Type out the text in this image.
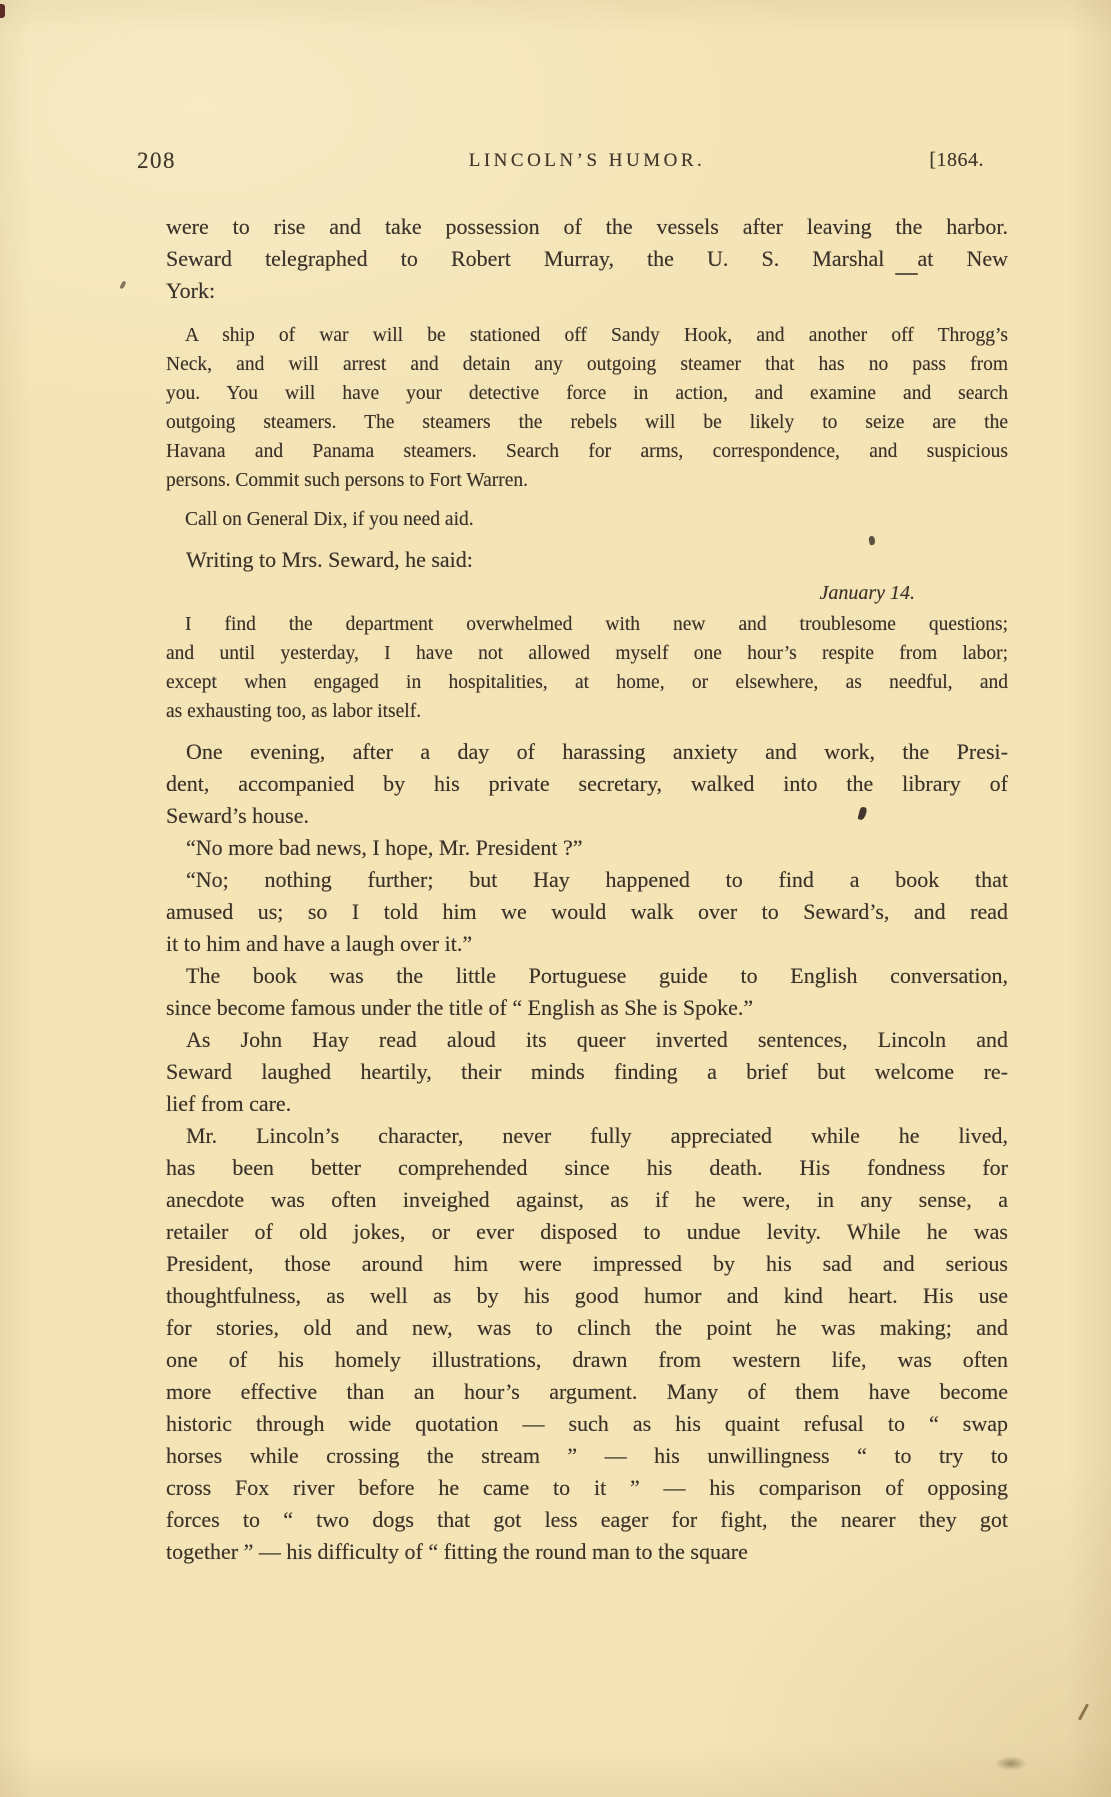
208	LINCOLN’S HUMOR.	[1864.
were to rise and take possession of the vessels after leaving the harbor.
Seward telegraphed to Robert Murray, the U. S. Marshal at New
York:
A ship of war will be stationed off Sandy Hook, and another off Throgg’s
Neck, and will arrest and detain any outgoing steamer that has no pass from
you. You will have your detective force in action, and examine and search
outgoing steamers. The steamers the rebels will be likely to seize are the
Havana and Panama steamers. Search for arms, correspondence, and suspicious
persons. Commit such persons to Fort Warren.
Call on General Dix, if you need aid.
Writing to Mrs. Seward, he said:
January 14.
I find the department overwhelmed with new and troublesome questions;
and until yesterday, I have not allowed myself one hour’s respite from labor;
except when engaged in hospitalities, at home, or elsewhere, as needful, and
as exhausting too, as labor itself.
One evening, after a day of harassing anxiety and work, the Presi-
dent, accompanied by his private secretary, walked into the library of
Seward’s house.
“No more bad news, I hope, Mr. President ?”
“No; nothing further; but Hay happened to find a book that
amused us; so I told him we would walk over to Seward’s, and read
it to him and have a laugh over it.”
The book was the little Portuguese guide to English conversation,
since become famous under the title of “ English as She is Spoke.”
As John Hay read aloud its queer inverted sentences, Lincoln and
Seward laughed heartily, their minds finding a brief but welcome re-
lief from care.
Mr. Lincoln’s character, never fully appreciated while he lived,
has been better comprehended since his death. His fondness for
anecdote was often inveighed against, as if he were, in any sense, a
retailer of old jokes, or ever disposed to undue levity. While he was
President, those around him were impressed by his sad and serious
thoughtfulness, as well as by his good humor and kind heart. His use
for stories, old and new, was to clinch the point he was making; and
one of his homely illustrations, drawn from western life, was often
more effective than an hour’s argument. Many of them have become
historic through wide quotation — such as his quaint refusal to “ swap
horses while crossing the stream ” — his unwillingness “ to try to
cross Fox river before he came to it ” — his comparison of opposing
forces to “ two dogs that got less eager for fight, the nearer they got
together ” — his difficulty of “ fitting the round man to the square
